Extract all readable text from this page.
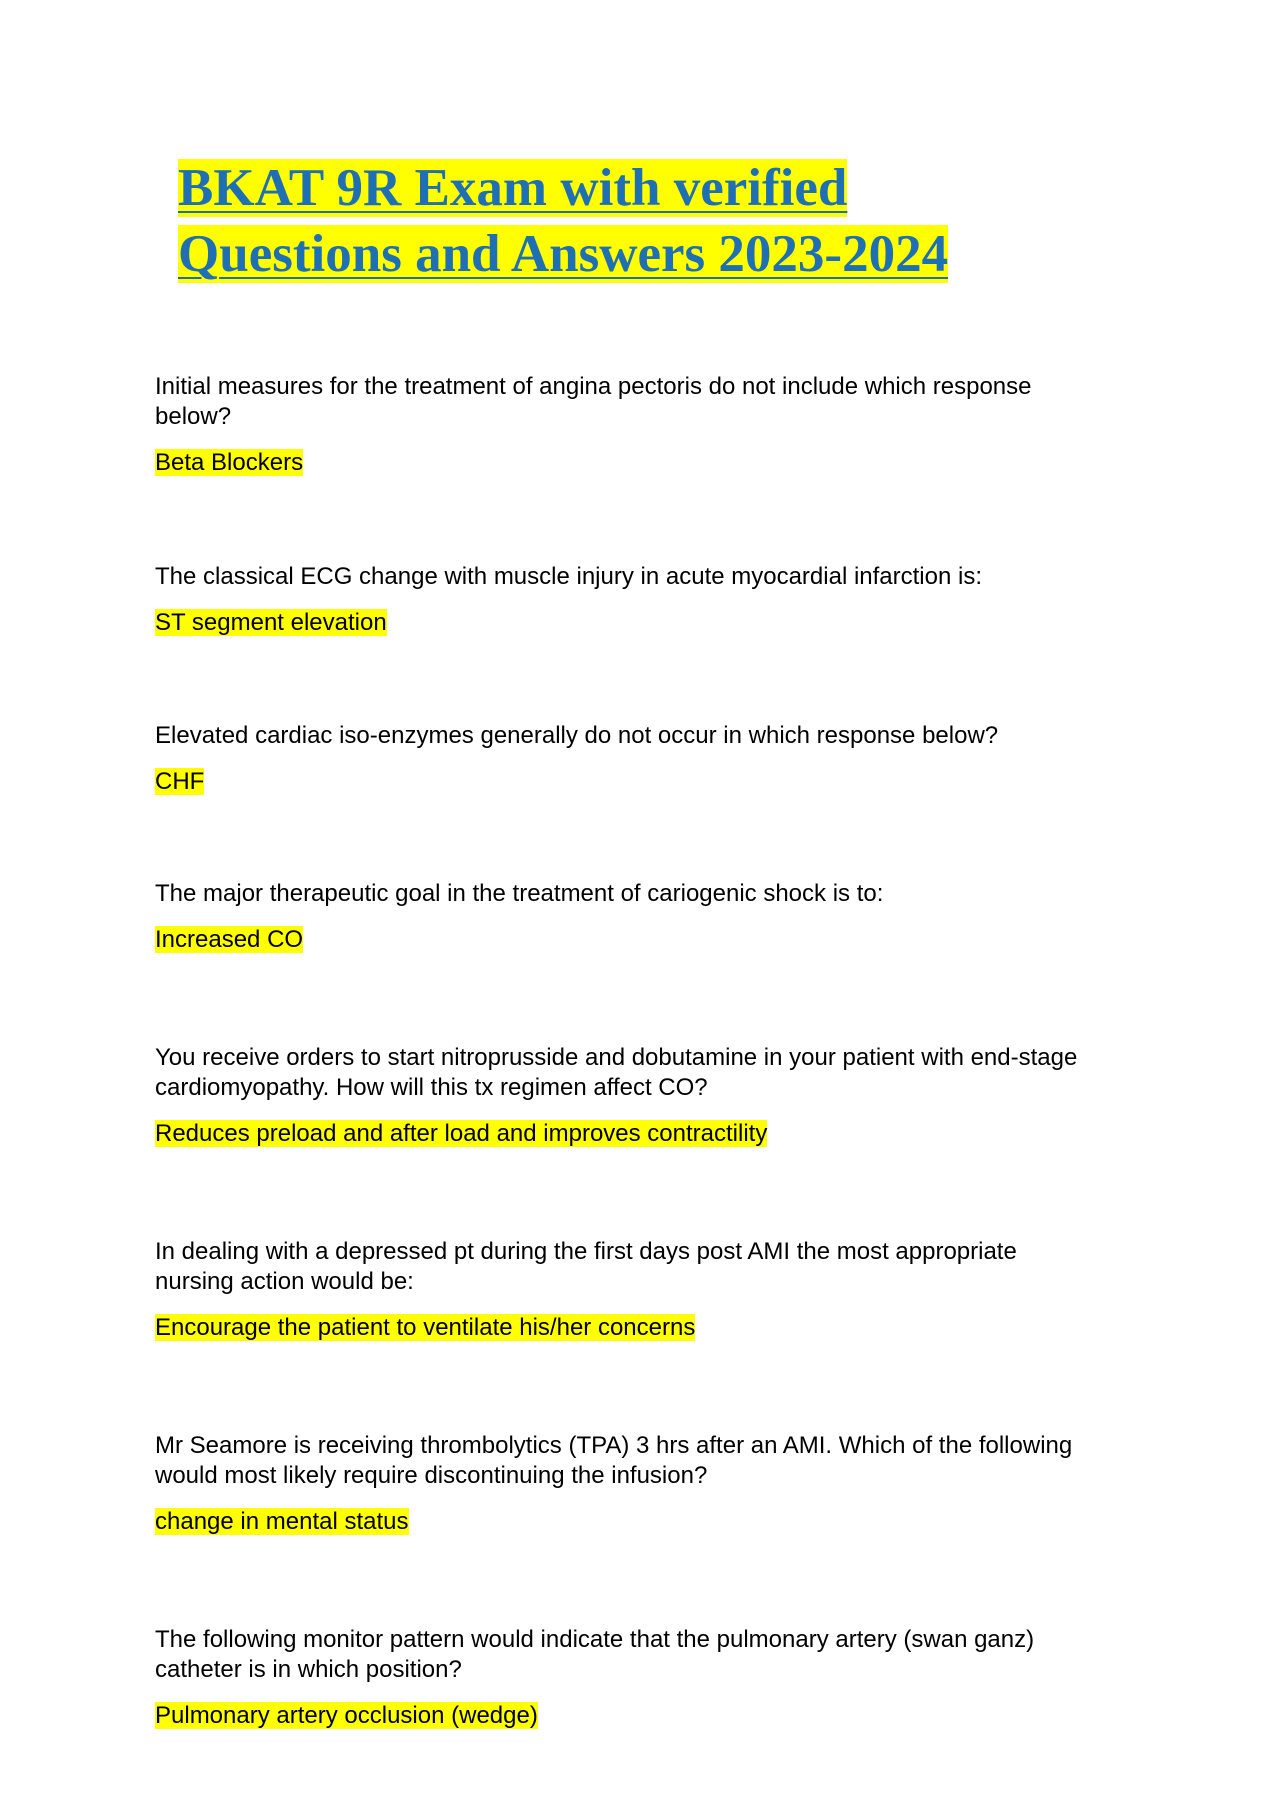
BKAT 9R Exam with verified
Questions and Answers 2023-2024

Initial measures for the treatment of angina pectoris do not include which response below?

Beta Blockers

The classical ECG change with muscle injury in acute myocardial infarction is:

ST segment elevation

Elevated cardiac iso-enzymes generally do not occur in which response below?

CHF

The major therapeutic goal in the treatment of cariogenic shock is to:

Increased CO

You receive orders to start nitroprusside and dobutamine in your patient with end-stage cardiomyopathy. How will this tx regimen affect CO?

Reduces preload and after load and improves contractility

In dealing with a depressed pt during the first days post AMI the most appropriate nursing action would be:

Encourage the patient to ventilate his/her concerns

Mr Seamore is receiving thrombolytics (TPA) 3 hrs after an AMI. Which of the following would most likely require discontinuing the infusion?

change in mental status

The following monitor pattern would indicate that the pulmonary artery (swan ganz) catheter is in which position?

Pulmonary artery occlusion (wedge)
